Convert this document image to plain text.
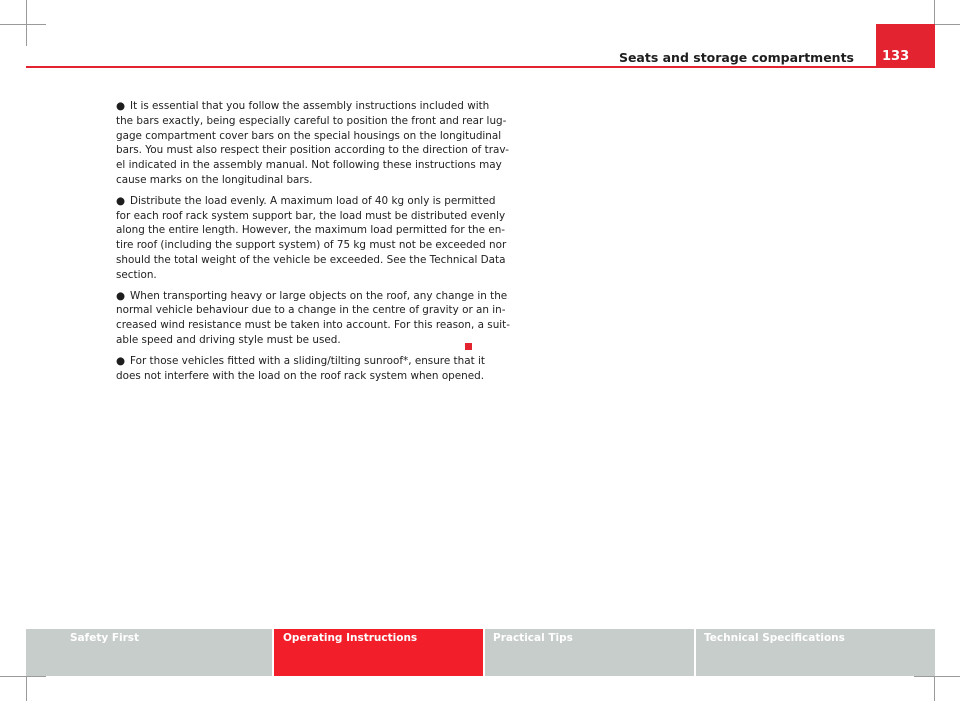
Seats and storage compartments 133

● It is essential that you follow the assembly instructions included with
the bars exactly, being especially careful to position the front and rear lug-
gage compartment cover bars on the special housings on the longitudinal
bars. You must also respect their position according to the direction of trav-
el indicated in the assembly manual. Not following these instructions may
cause marks on the longitudinal bars.

● Distribute the load evenly. A maximum load of 40 kg only is permitted
for each roof rack system support bar, the load must be distributed evenly
along the entire length. However, the maximum load permitted for the en-
tire roof (including the support system) of 75 kg must not be exceeded nor
should the total weight of the vehicle be exceeded. See the Technical Data
section.

● When transporting heavy or large objects on the roof, any change in the
normal vehicle behaviour due to a change in the centre of gravity or an in-
creased wind resistance must be taken into account. For this reason, a suit-
able speed and driving style must be used.

● For those vehicles fitted with a sliding/tilting sunroof*, ensure that it
does not interfere with the load on the roof rack system when opened.

Safety First	Operating Instructions	Practical Tips	Technical Specifications
